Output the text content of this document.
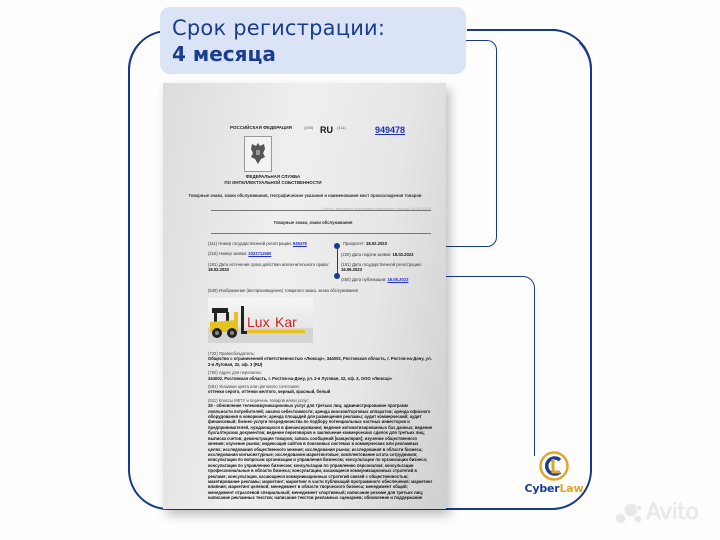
Срок регистрации:
4 месяца
РОССИЙСКАЯ ФЕДЕРАЦИЯ	(190) RU (111)	949478
ФЕДЕРАЛЬНАЯ СЛУЖБА
ПО ИНТЕЛЛЕКТУАЛЬНОЙ СОБСТВЕННОСТИ
Товарные знаки, знаки обслуживания, географические указания и наименования мест происхождения товаров
Статус: действует (последнее изменение статуса: 16.06.2023)
Товарные знаки, знаки обслуживания
(111) Номер государственной регистрации: 949478
(210) Номер заявки: 2023711590
(181) Дата истечения срока действия исключительного права:
18.02.2033
Приоритет: 18.02.2023
(220) Дата подачи заявки: 18.02.2023
(151) Дата государственной регистрации:
16.06.2023
(450) Дата публикации: 16.06.2023
(540) Изображение (воспроизведение) товарного знака, знака обслуживания
Lux Kar
(732) Правообладатель:
Общество с ограниченной ответственностью «Люксар», 344002, Ростовская область, г. Ростов-на-Дону, ул. 2-я Луговая, 32, оф. 3 (RU)
(750) Адрес для переписки:
344002, Ростовская область, г. Ростов-на-Дону, ул. 2-я Луговая, 32, оф. 3, ООО «Люксар»
(591) Указание цвета или цветового сочетания:
оттенки серого, оттенки желтого, черный, красный, белый
(511) Классы МКТУ и перечень товаров и/или услуг:
35 - обновление телекоммуникационных услуг для третьих лиц; администрирование программ лояльности потребителей; анализ себестоимости; аренда киосков/торговых аппаратов; аренда офисного оборудования в коворкинге; аренда площадей для размещения рекламы; аудит коммерческий; аудит финансовый; бизнес-услуги посредничества по подбору потенциальных частных инвесторов и предпринимателей, нуждающихся в финансировании; ведение автоматизированных баз данных; ведение бухгалтерских документов; ведение переговоров и заключение коммерческих сделок для третьих лиц; выписка счетов; демонстрация товаров; запись сообщений [канцелярия]; изучение общественного мнения; изучение рынка; индексация сайтов в поисковых системах в коммерческих или рекламных целях; исследования общественного мнения; исследования рынка; исследования в области бизнеса; исследования конъюнктурные; исследования маркетинговые; комплектование штата сотрудников; консультации по вопросам организации и управления бизнесом; консультации по организации бизнеса; консультации по управлению бизнесом; консультации по управлению персоналом; консультации профессиональные в области бизнеса; консультации, касающиеся коммуникационных стратегий в рекламе; консультации, касающиеся коммуникационных стратегий связей с общественностью; макетирование рекламы; маркетинг; маркетинг в части публикаций программного обеспечения; маркетинг влияния; маркетинг целевой; менеджмент в области творческого бизнеса; менеджмент общий; менеджмент отраслевой специальный; менеджмент спортивный; написание резюме для третьих лиц; написание рекламных текстов; написание текстов рекламных сценариев; обновление и поддержание
CyberLaw
Avito
